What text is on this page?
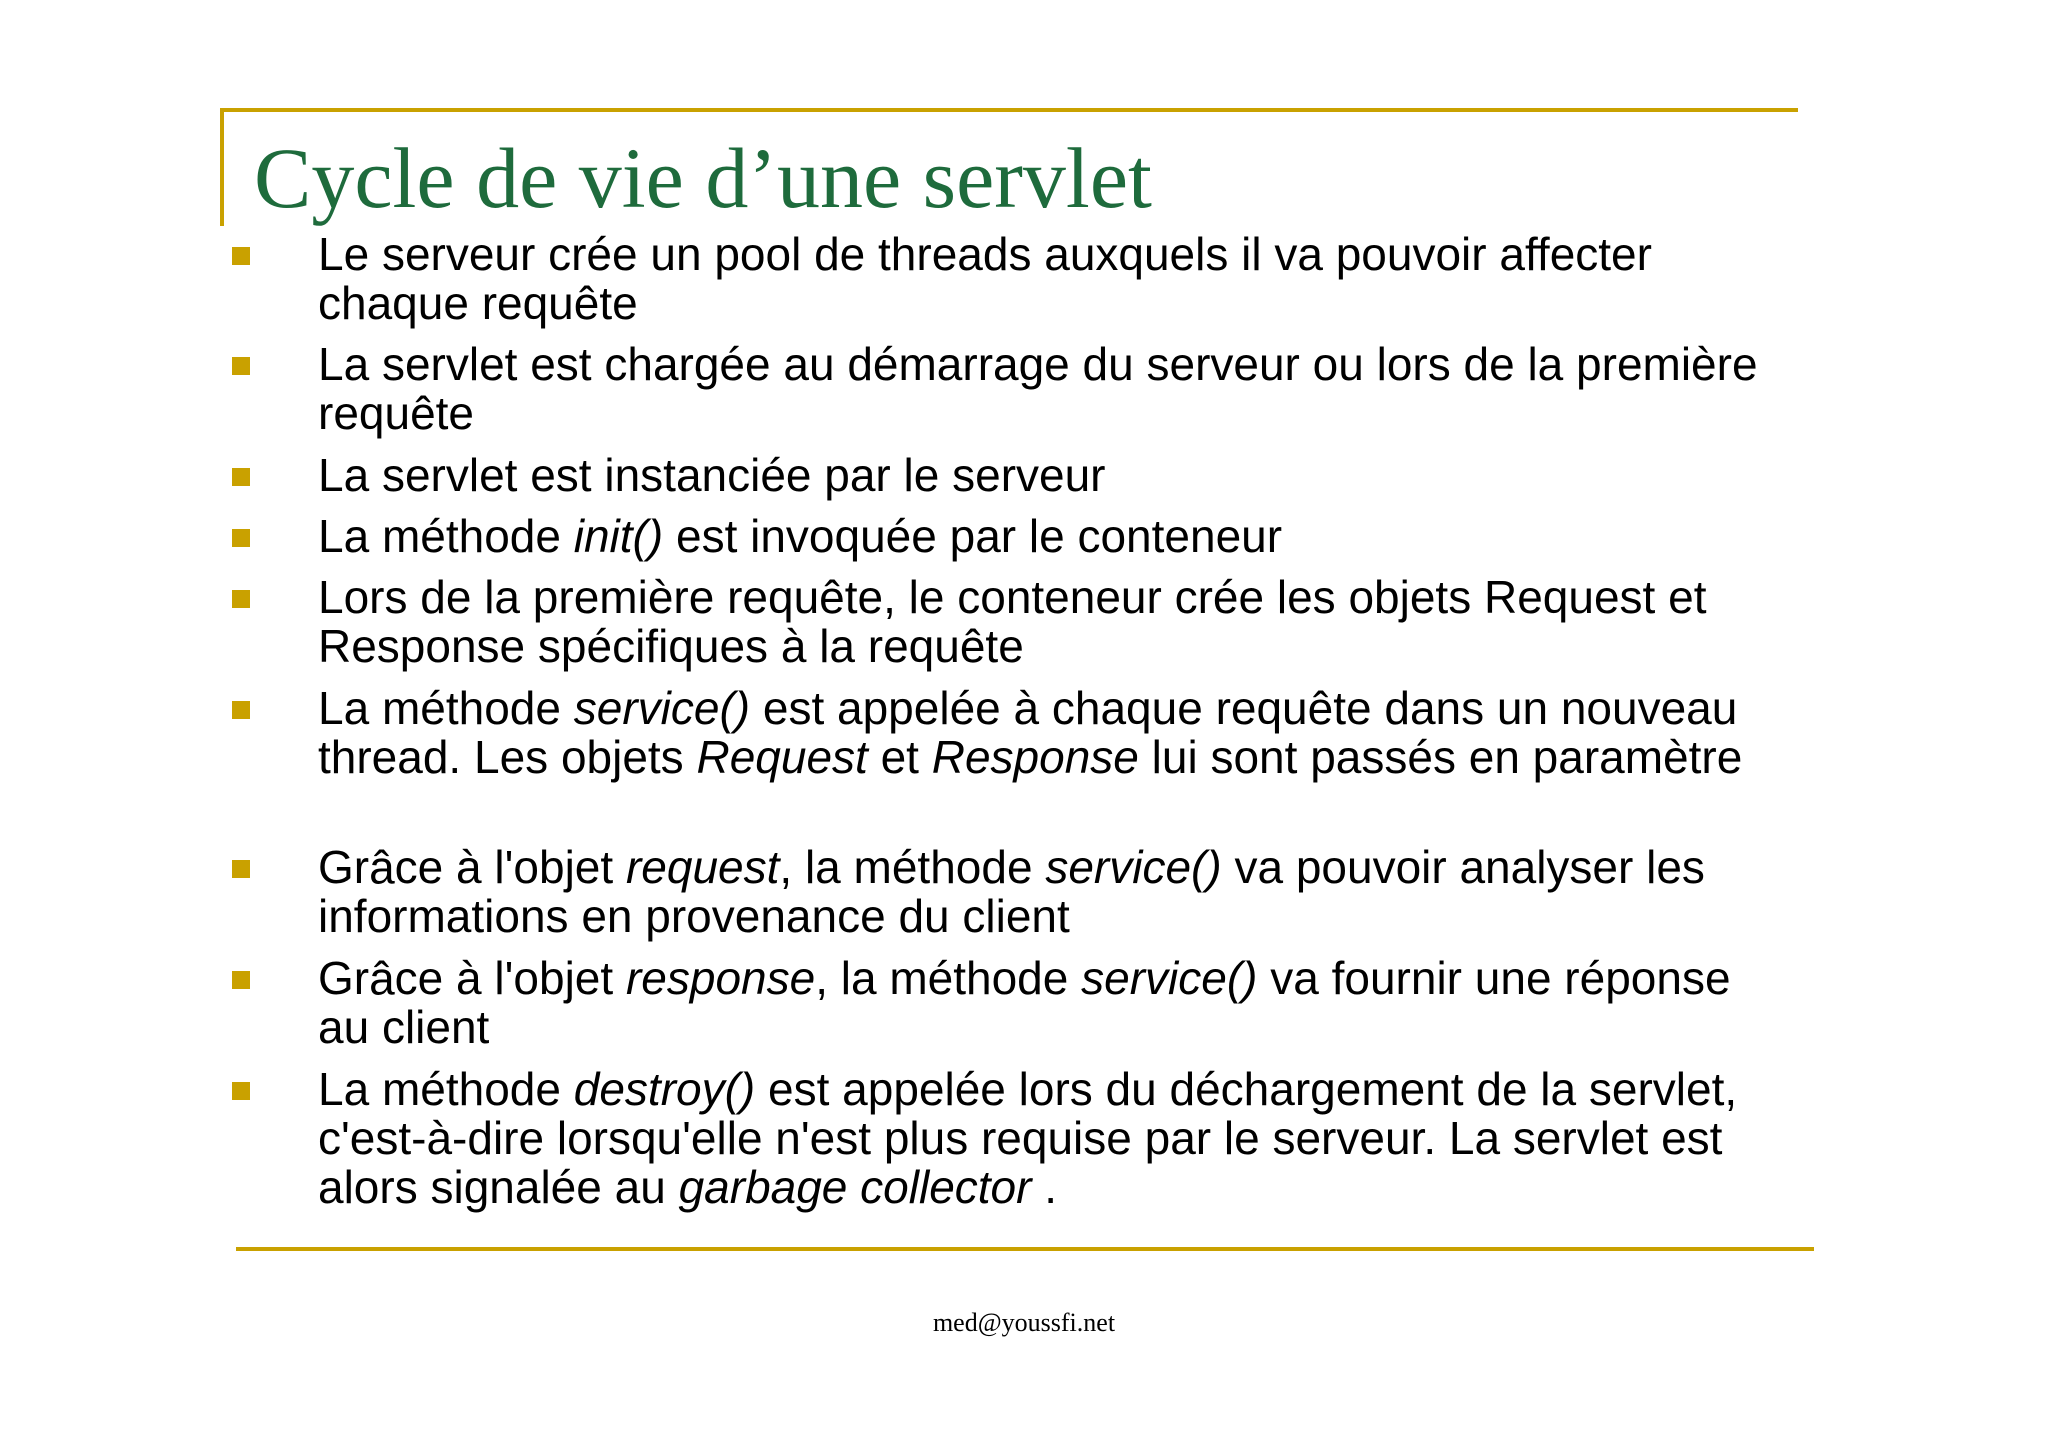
Cycle de vie d’une servlet
Le serveur crée un pool de threads auxquels il va pouvoir affecter chaque requête
La servlet est chargée au démarrage du serveur ou lors de la première requête
La servlet est instanciée par le serveur
La méthode init() est invoquée par le conteneur
Lors de la première requête, le conteneur crée les objets Request et Response spécifiques à la requête
La méthode service() est appelée à chaque requête dans un nouveau thread. Les objets Request et Response lui sont passés en paramètre
Grâce à l'objet request, la méthode service() va pouvoir analyser les informations en provenance du client
Grâce à l'objet response, la méthode service() va fournir une réponse au client
La méthode destroy() est appelée lors du déchargement de la servlet, c'est-à-dire lorsqu'elle n'est plus requise par le serveur. La servlet est alors signalée au garbage collector .
med@youssfi.net
